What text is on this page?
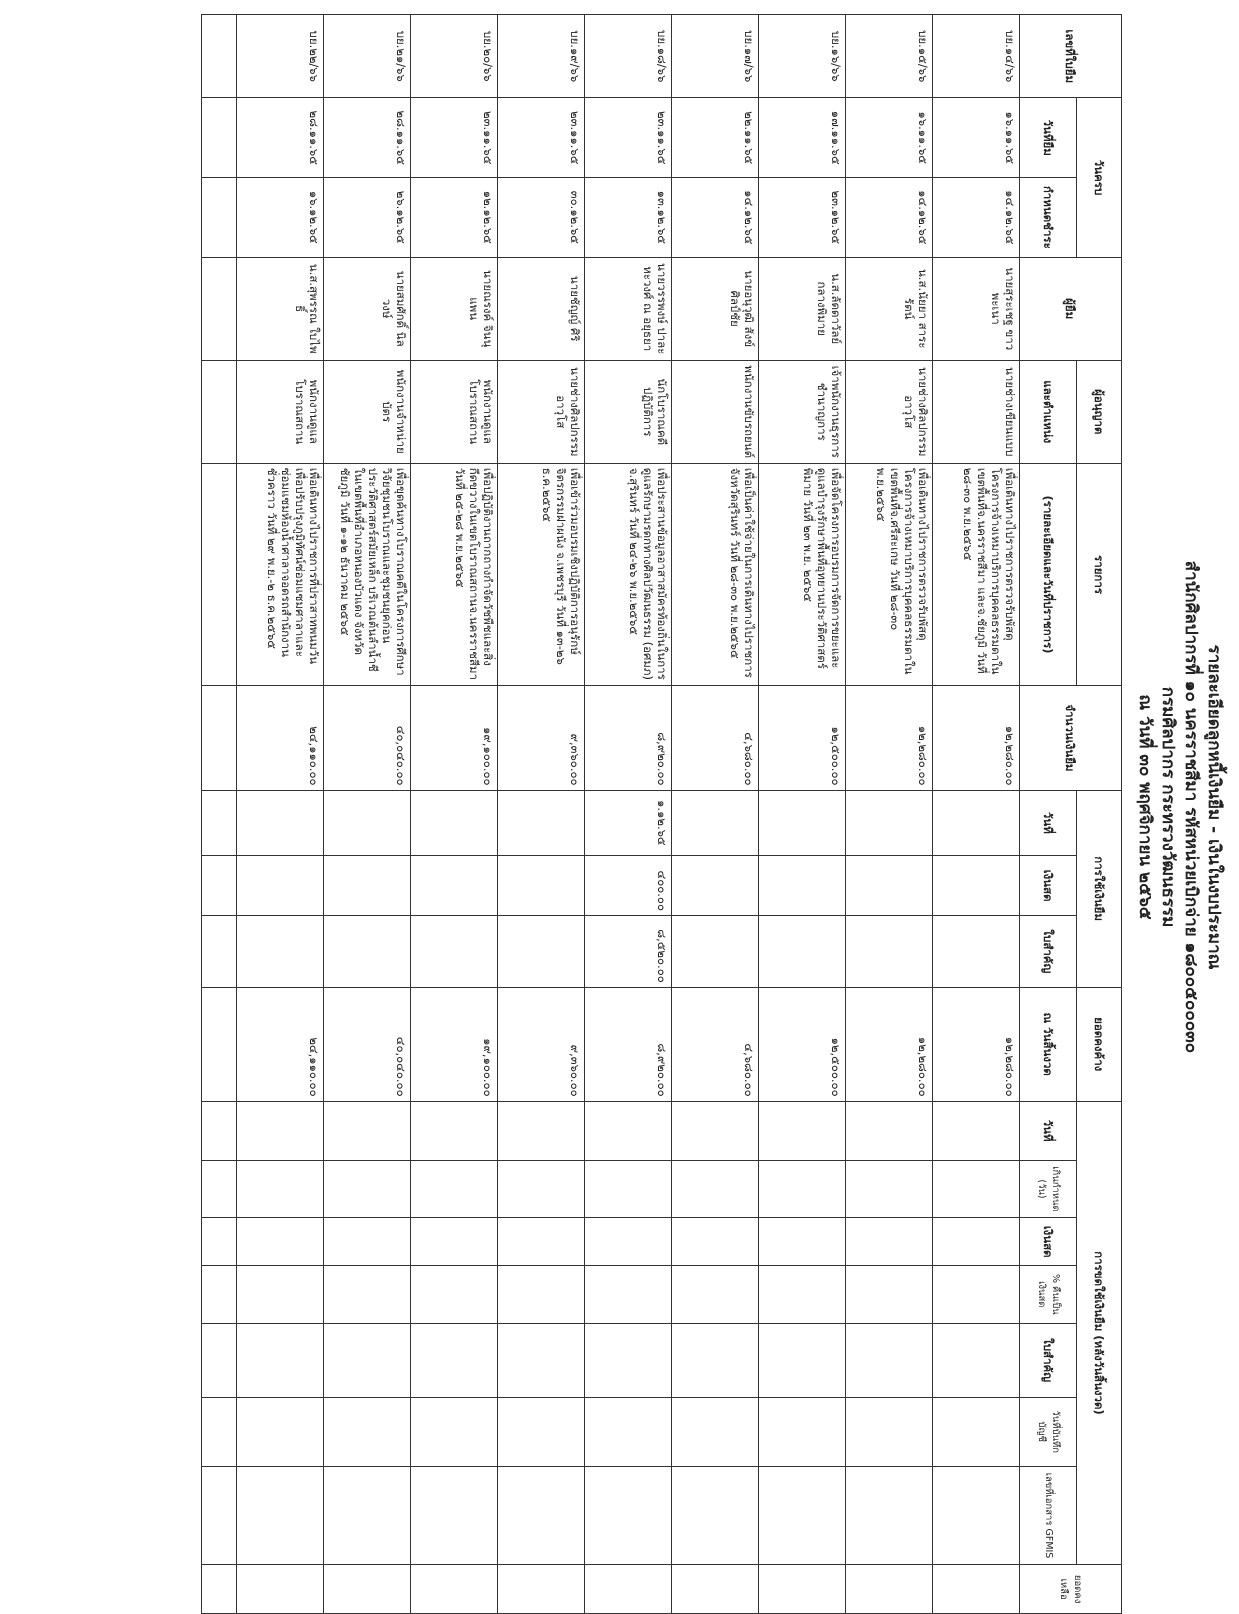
รายละเอียดลูกหนี้เงินยืม - เงินในงบประมาณ
สำนักศิลปากรที่ ๑๐ นครราชสีมา รหัสหน่วยเบิกจ่าย ๑๘๐๐๕๐๐๐๓๐
กรมศิลปากร กระทรวงวัฒนธรรม
ณ วันที่ ๓๐ พฤศจิกายน ๒๕๖๕
เลขที่ใบยืม	วันครบ		ผู้ยืม	ผู้อนุญาต	รายการ	จำนวนเงินยืม	การใช้เงินยืม			ยอดคงค้าง	การขดใช้เงินยืม (หลังวันสิ้นงวด)							ยอดคงเหลือ
	วันที่ยืม	กำหนดชำระ		และตำแหน่ง	(รายละเอียดและวันที่ปราชการ)		วันที่	เงินสด	ใบสำคัญ	ณ วันสิ้นงวด	วันที่	เกินกำหนด (วัน)	เงินสด	% คืนเป็นเงินสด	ใบสำคัญ	วันที่บันทึกบัญชี	เลขที่เอกสาร GFMIS	
บย.๑๔/๖๖	๑๖.๑๑.๖๕	๑๔.๑๒.๖๕	นายสุระเชฐ ขาวพะเนา	นายช่างเขียนแบบ	เพื่อเดินทางไปราชการตรวจรับพัสดุ โครงการจ้างเหมาบริการบุคคลธรรมดาในเขตพื้นที่จ.นครราชสีมา และจ.ชัยภูมิ วันที่ ๒๘-๓๐ พ.ย.๒๕๖๕	๑๒,๒๘๐.๐๐				๑๒,๒๘๐.๐๐								
บย.๑๕/๖๖	๑๖.๑๑.๖๕	๑๔.๑๒.๖๕	น.ส.นัยยา สาระรัตน์	นายช่างศิลปกรรม อาวุโส	เพื่อเดินทางไปราชการตรวจรับพัสดุ โครงการจ้างเหมาบริการบุคคลธรรมดาในเขตพื้นที่จ.ศรีสะเกษ วันที่ ๒๘-๓๐ พ.ย.๒๕๖๕	๑๒,๒๘๐.๐๐				๑๒,๒๘๐.๐๐								
บย.๑๖/๖๖	๑๗.๑๑.๖๕	๒๓.๑๒.๖๕	น.ส.ลัดดาวัลย์ กลางพิมาย	เจ้าพนักงานธุรการ ชำนาญการ	เพื่อจัดโครงการอบรมการจัดการขยะและดูแลบำรุงรักษาพื้นที่อุทยานประวัติศาสตร์พิมาย วันที่ ๒๓ พ.ย. ๒๕๖๕	๑๒,๕๐๐.๐๐				๑๒,๕๐๐.๐๐								
บย.๑๗/๖๖	๒๒.๑๑.๖๕	๑๔.๑๒.๖๕	นายอนุวุฒิ สังข์ศิลป์ชัย	พนักงานขับรถยนต์	เพื่อเป็นค่าใช้จ่ายในการเดินทางไปราชการ จังหวัดสุรินทร์ วันที่ ๒๘-๓๐ พ.ย.๒๕๖๕	๔,๖๘๐.๐๐				๔,๖๘๐.๐๐								
บย.๑๘/๖๖	๒๓.๑๑.๖๕	๑๓.๑๒.๖๕	นายวรรพงษ์ ปาละหะวงศ์ ณ อยุธยา	นักโบราณคดี ปฏิบัติการ	เพื่อประสานข้อมูลอาสาสมัครท้องถิ่นในการดูแลรักษามรดกทางศิลปวัฒนธรรม (อศมภ) จ.สุรินทร์ วันที่ ๒๔-๒๖ พ.ย.๒๕๖๕	๘,๙๒๐.๐๐	๑.๑๒.๖๕	๔๐๐.๐๐	๘,๕๒๐.๐๐	๘,๙๒๐.๐๐								
บย.๑๙/๖๖	๒๓.๑๑.๖๕	๓๐.๑๒.๖๕	นายชัญญ์ ศิริ	นายช่างศิลปกรรม อาวุโส	เพื่อเข้าร่วมอบรมเชิงปฏิบัติการอนุรักษ์จิตรกรรมฝาผนัง จ.เพชรบุรี วันที่ ๑๓-๒๖ ธ.ค.๒๕๖๕	๙,๓๖๐.๐๐				๙,๓๖๐.๐๐								
บย.๒๐/๖๖	๒๓.๑๑.๖๕	๑๒.๑๒.๖๕	นายณรงค์ จินนุแพน	พนักงานดูแล โบราณสถาน	เพื่อปฏิบัติงานถากถางกำจัดวัชพืชและสิ่งกีดขวางในเขตโบราณสถานจ.นครราชสีมา วันที่ ๒๕-๒๘ พ.ย.๒๕๖๕	๑๙,๑๐๐.๐๐				๑๙,๑๐๐.๐๐								
บย.๒๑/๖๖	๒๘.๑๑.๖๕	๒๖.๑๒.๖๕	นายสมศักดิ์ นิลวงษ์	พนักงานจำหน่าย บัตร	เพื่อขุดค้นทางโบราณคดีในโครงการศึกษาวิจัยชุมชนโบราณและชุมชนยุคก่อนประวัติศาสตร์สมัยเหล็ก บริเวณต้นลำน้ำชี ในเขตพื้นที่อำเภอหนองบัวแดง จังหวัดชัยภูมิ วันที่ ๑-๑๒ ธันวาคม ๒๕๖๕	๔๐,๐๔๐.๐๐				๔๐,๐๔๐.๐๐								
บย.๒๒/๖๖	๒๘.๑๑.๖๕	๑๖.๑๒.๖๕	น.ส.สุพรรณ ใบไพธิ์	พนักงานดูแล โบราณสถาน	เพื่อเดินทางไปราชการที่ปราสาทพนมวันเพื่อปรับปรุงภูมิทัศน์ซ่อมแซมศาลาและซ่อมแซมห้องน้ำศาลาจอดรถสำนักงานชั่วคราว วันที่ ๒๙ พ.ย.-๒ ธ.ค.๒๕๖๕	๒๔,๑๑๐.๐๐				๒๔,๑๑๐.๐๐								
